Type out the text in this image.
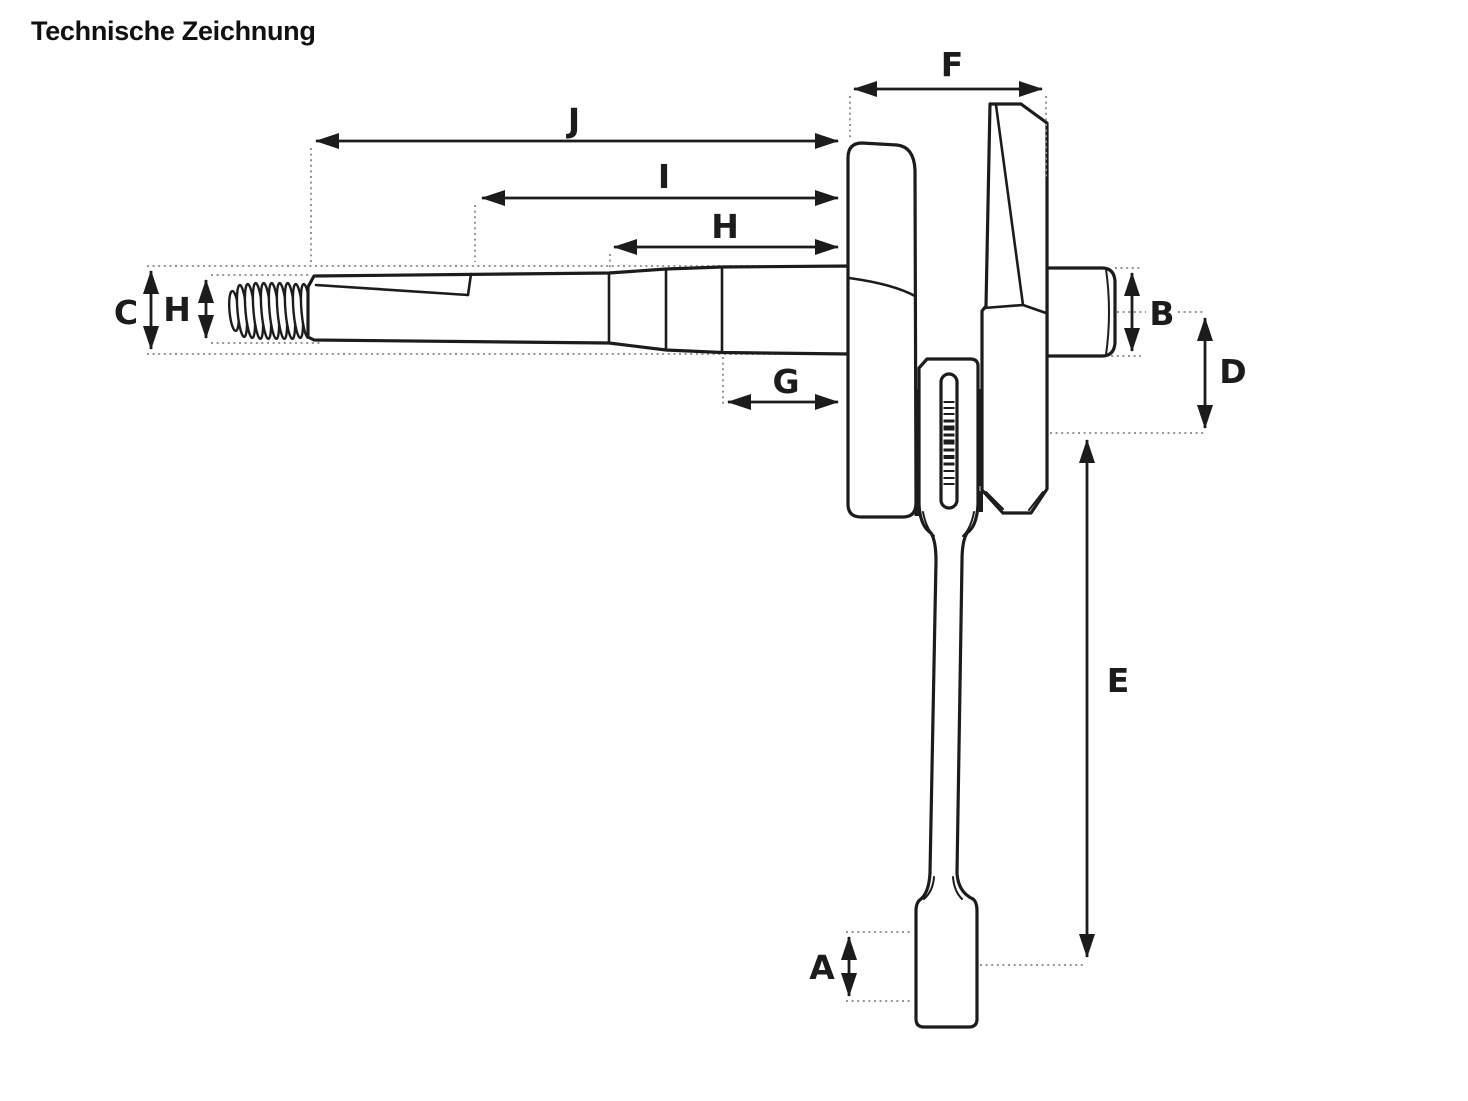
Technische Zeichnung
J
I
H
F
G
C H	B
D
E
A
